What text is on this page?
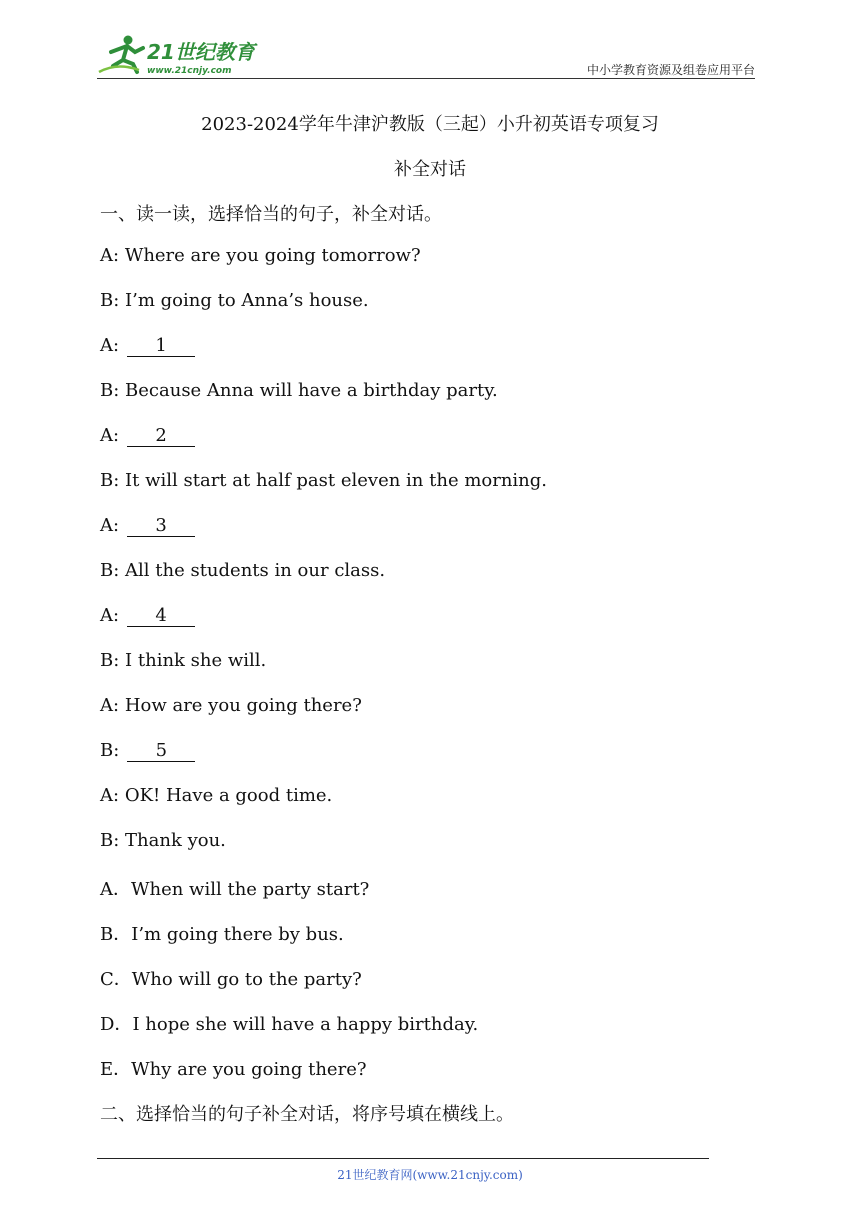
21世纪教育
www.21cnjy.com	中小学教育资源及组卷应用平台
2023-2024学年牛津沪教版（三起）小升初英语专项复习
补全对话
一、读一读，选择恰当的句子，补全对话。
A: Where are you going tomorrow?
B: I’m going to Anna’s house.
A: 1
B: Because Anna will have a birthday party.
A: 2
B: It will start at half past eleven in the morning.
A: 3
B: All the students in our class.
A: 4
B: I think she will.
A: How are you going there?
B: 5
A: OK! Have a good time.
B: Thank you.
A．When will the party start?
B．I’m going there by bus.
C．Who will go to the party?
D．I hope she will have a happy birthday.
E．Why are you going there?
二、选择恰当的句子补全对话，将序号填在横线上。
21世纪教育网(www.21cnjy.com)
